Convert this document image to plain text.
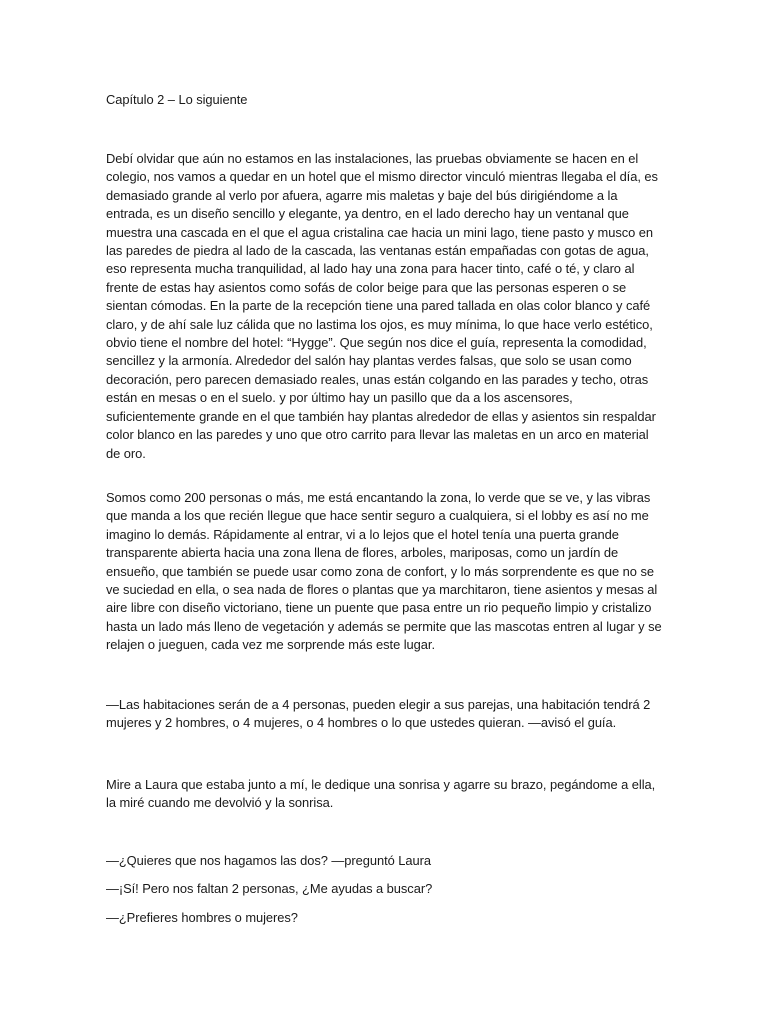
Capítulo 2 – Lo siguiente

Debí olvidar que aún no estamos en las instalaciones, las pruebas obviamente se hacen en el colegio, nos vamos a quedar en un hotel que el mismo director vinculó mientras llegaba el día, es demasiado grande al verlo por afuera, agarre mis maletas y baje del bús dirigiéndome a la entrada, es un diseño sencillo y elegante, ya dentro, en el lado derecho hay un ventanal que muestra una cascada en el que el agua cristalina cae hacia un mini lago, tiene pasto y musco en las paredes de piedra al lado de la cascada, las ventanas están empañadas con gotas de agua, eso representa mucha tranquilidad, al lado hay una zona para hacer tinto, café o té, y claro al frente de estas hay asientos como sofás de color beige para que las personas esperen o se sientan cómodas. En la parte de la recepción tiene una pared tallada en olas color blanco y café claro, y de ahí sale luz cálida que no lastima los ojos, es muy mínima, lo que hace verlo estético, obvio tiene el nombre del hotel: “Hygge”. Que según nos dice el guía, representa la comodidad, sencillez y la armonía. Alrededor del salón hay plantas verdes falsas, que solo se usan como decoración, pero parecen demasiado reales, unas están colgando en las parades y techo, otras están en mesas o en el suelo. y por último hay un pasillo que da a los ascensores, suficientemente grande en el que también hay plantas alrededor de ellas y asientos sin respaldar color blanco en las paredes y uno que otro carrito para llevar las maletas en un arco en material de oro.

Somos como 200 personas o más, me está encantando la zona, lo verde que se ve, y las vibras que manda a los que recién llegue que hace sentir seguro a cualquiera, si el lobby es así no me imagino lo demás. Rápidamente al entrar, vi a lo lejos que el hotel tenía una puerta grande transparente abierta hacia una zona llena de flores, arboles, mariposas, como un jardín de ensueño, que también se puede usar como zona de confort, y lo más sorprendente es que no se ve suciedad en ella, o sea nada de flores o plantas que ya marchitaron, tiene asientos y mesas al aire libre con diseño victoriano, tiene un puente que pasa entre un rio pequeño limpio y cristalizo hasta un lado más lleno de vegetación y además se permite que las mascotas entren al lugar y se relajen o jueguen, cada vez me sorprende más este lugar.

—Las habitaciones serán de a 4 personas, pueden elegir a sus parejas, una habitación tendrá 2 mujeres y 2 hombres, o 4 mujeres, o 4 hombres o lo que ustedes quieran. —avisó el guía.

Mire a Laura que estaba junto a mí, le dedique una sonrisa y agarre su brazo, pegándome a ella, la miré cuando me devolvió y la sonrisa.

—¿Quieres que nos hagamos las dos? —preguntó Laura

—¡Sí! Pero nos faltan 2 personas, ¿Me ayudas a buscar?

—¿Prefieres hombres o mujeres?
